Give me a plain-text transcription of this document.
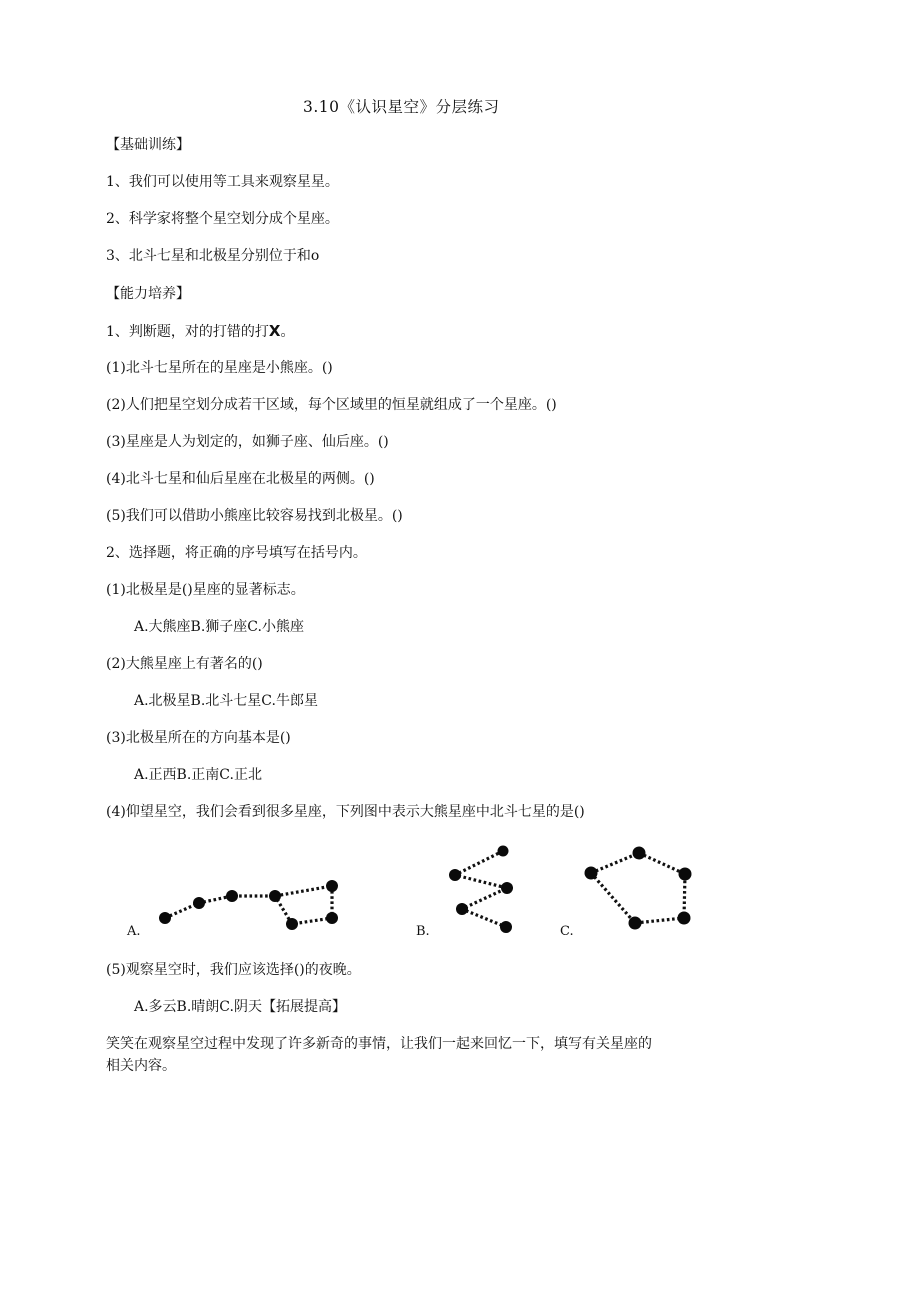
3.10《认识星空》分层练习
【基础训练】
1、我们可以使用等工具来观察星星。
2、科学家将整个星空划分成个星座。
3、北斗七星和北极星分别位于和o
【能力培养】
1、判断题，对的打错的打X。
(1)北斗七星所在的星座是小熊座。()
(2)人们把星空划分成若干区域，每个区域里的恒星就组成了一个星座。()
(3)星座是人为划定的，如狮子座、仙后座。()
(4)北斗七星和仙后星座在北极星的两侧。()
(5)我们可以借助小熊座比较容易找到北极星。()
2、选择题，将正确的序号填写在括号内。
(1)北极星是()星座的显著标志。
A.大熊座B.狮子座C.小熊座
(2)大熊星座上有著名的()
A.北极星B.北斗七星C.牛郎星
(3)北极星所在的方向基本是()
A.正西B.正南C.正北
(4)仰望星空，我们会看到很多星座，下列图中表示大熊星座中北斗七星的是()
A.	B.	C.
(5)观察星空时，我们应该选择()的夜晚。
A.多云B.晴朗C.阴天【拓展提高】
笑笑在观察星空过程中发现了许多新奇的事情，让我们一起来回忆一下，填写有关星座的
相关内容。
